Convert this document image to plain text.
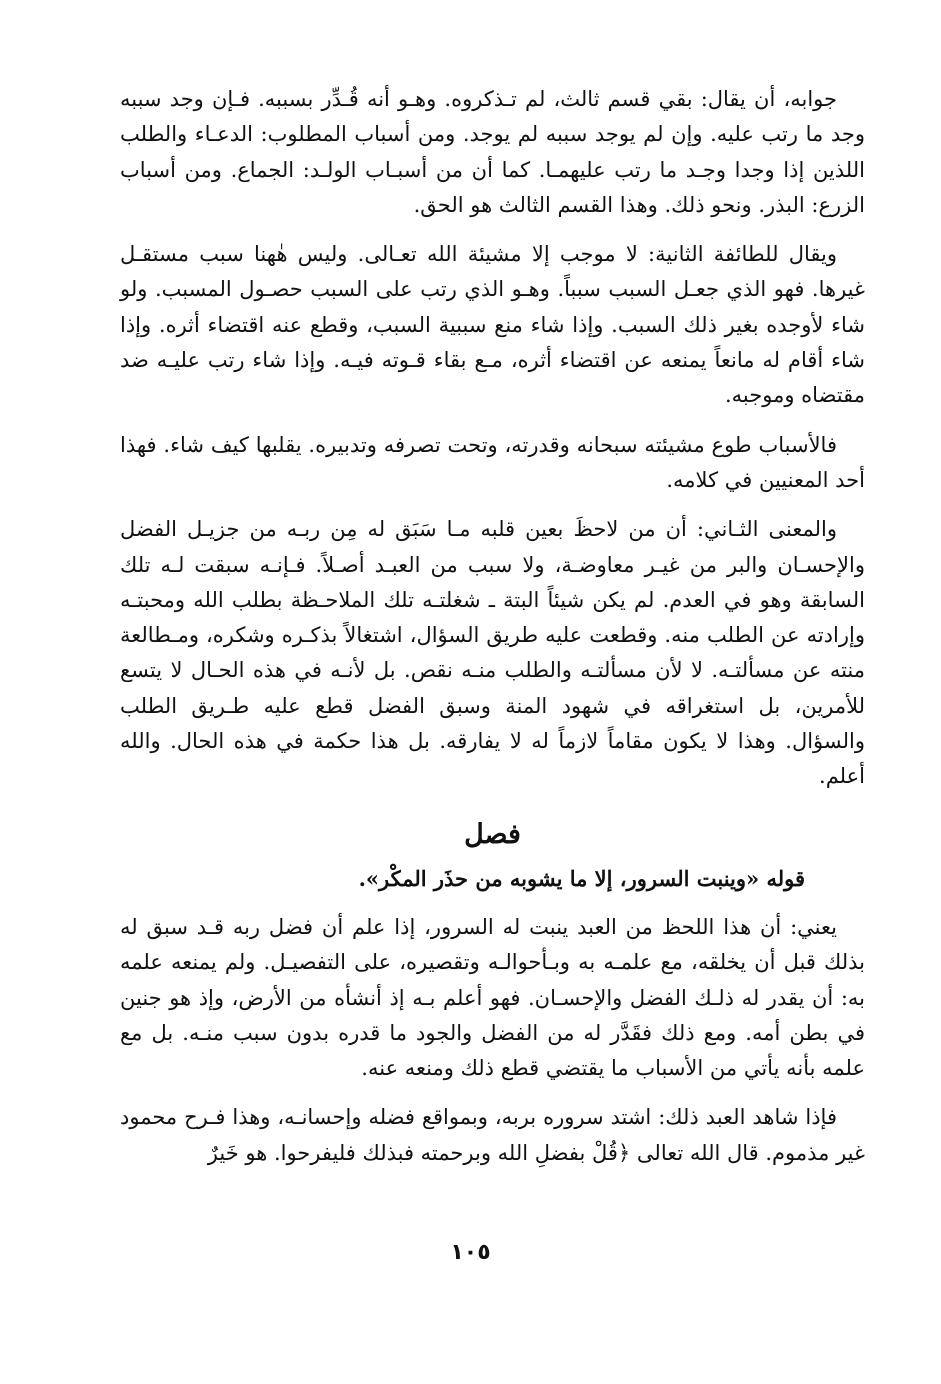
جوابه، أن يقال: بقي قسم ثالث، لم تـذكروه. وهـو أنه قُـدِّر بسببه. فـإن وجد سببه وجد ما رتب عليه. وإن لم يوجد سببه لم يوجد. ومن أسباب المطلوب: الدعـاء والطلب اللذين إذا وجدا وجـد ما رتب عليهمـا. كما أن من أسبـاب الولـد: الجماع. ومن أسباب الزرع: البذر. ونحو ذلك. وهذا القسم الثالث هو الحق.

ويقال للطائفة الثانية: لا موجب إلا مشيئة الله تعـالى. وليس هٰهنا سبب مستقـل غيرها. فهو الذي جعـل السبب سبباً. وهـو الذي رتب على السبب حصـول المسبب. ولو شاء لأوجده بغير ذلك السبب. وإذا شاء منع سببية السبب، وقطع عنه اقتضاء أثره. وإذا شاء أقام له مانعاً يمنعه عن اقتضاء أثره، مـع بقاء قـوته فيـه. وإذا شاء رتب عليـه ضد مقتضاه وموجبه.

فالأسباب طوع مشيئته سبحانه وقدرته، وتحت تصرفه وتدبيره. يقلبها كيف شاء. فهذا أحد المعنيين في كلامه.

والمعنى الثـاني: أن من لاحظَ بعين قلبه مـا سَبَق له مِن ربـه من جزيـل الفضل والإحسـان والبر من غيـر معاوضـة، ولا سبب من العبـد أصـلاً. فـإنـه سبقت لـه تلك السابقة وهو في العدم. لم يكن شيئاً البتة ـ شغلتـه تلك الملاحـظة بطلب الله ومحبتـه وإرادته عن الطلب منه. وقطعت عليه طريق السؤال، اشتغالاً بذكـره وشكره، ومـطالعة منته عن مسألتـه. لا لأن مسألتـه والطلب منـه نقص. بل لأنـه في هذه الحـال لا يتسع للأمرين، بل استغراقه في شهود المنة وسبق الفضل قطع عليه طـريق الطلب والسؤال. وهذا لا يكون مقاماً لازماً له لا يفارقه. بل هذا حكمة في هذه الحال. والله أعلم.

فصل

قوله «وينبت السرور، إلا ما يشوبه من حذَر المكْر».

يعني: أن هذا اللحظ من العبد ينبت له السرور، إذا علم أن فضل ربه قـد سبق له بذلك قبل أن يخلقه، مع علمـه به وبـأحوالـه وتقصيره، على التفصيـل. ولم يمنعه علمه به: أن يقدر له ذلـك الفضل والإحسـان. فهو أعلم بـه إذ أنشأه من الأرض، وإذ هو جنين في بطن أمه. ومع ذلك فقَدَّر له من الفضل والجود ما قدره بدون سبب منـه. بل مع علمه بأنه يأتي من الأسباب ما يقتضي قطع ذلك ومنعه عنه.

فإذا شاهد العبد ذلك: اشتد سروره بربه، وبمواقع فضله وإحسانـه، وهذا فـرح محمود غير مذموم. قال الله تعالى ﴿قُلْ بفضلِ الله وبرحمته فبذلك فليفرحوا. هو خَيرٌ

١٠٥
